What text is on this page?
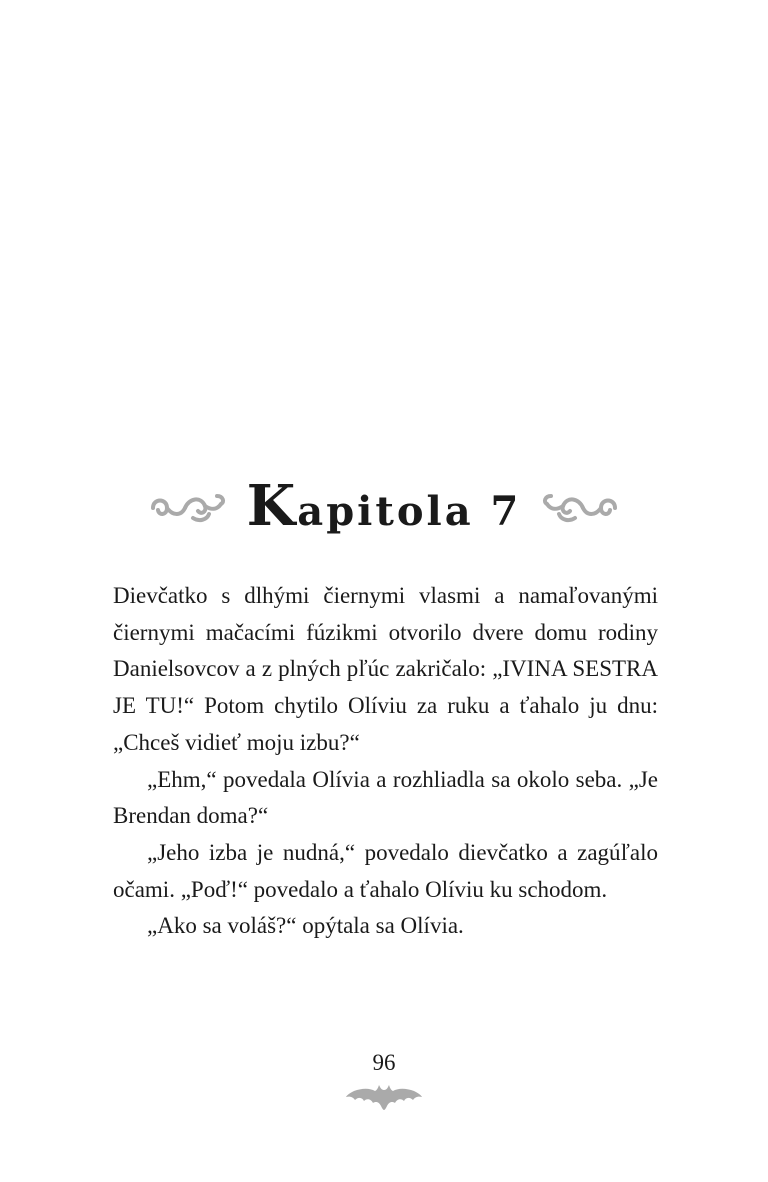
Kapitola 7

Dievčatko s dlhými čiernymi vlasmi a namaľovanými čiernymi mačacími fúzikmi otvorilo dvere domu rodiny Danielsovcov a z plných pľúc zakričalo: „IVINA SESTRA JE TU!“ Potom chytilo Olíviu za ruku a ťahalo ju dnu: „Chceš vidieť moju izbu?“

„Ehm,“ povedala Olívia a rozhliadla sa okolo seba. „Je Brendan doma?“

„Jeho izba je nudná,“ povedalo dievčatko a zagúľalo očami. „Poď!“ povedalo a ťahalo Olíviu ku schodom.

„Ako sa voláš?“ opýtala sa Olívia.

96
